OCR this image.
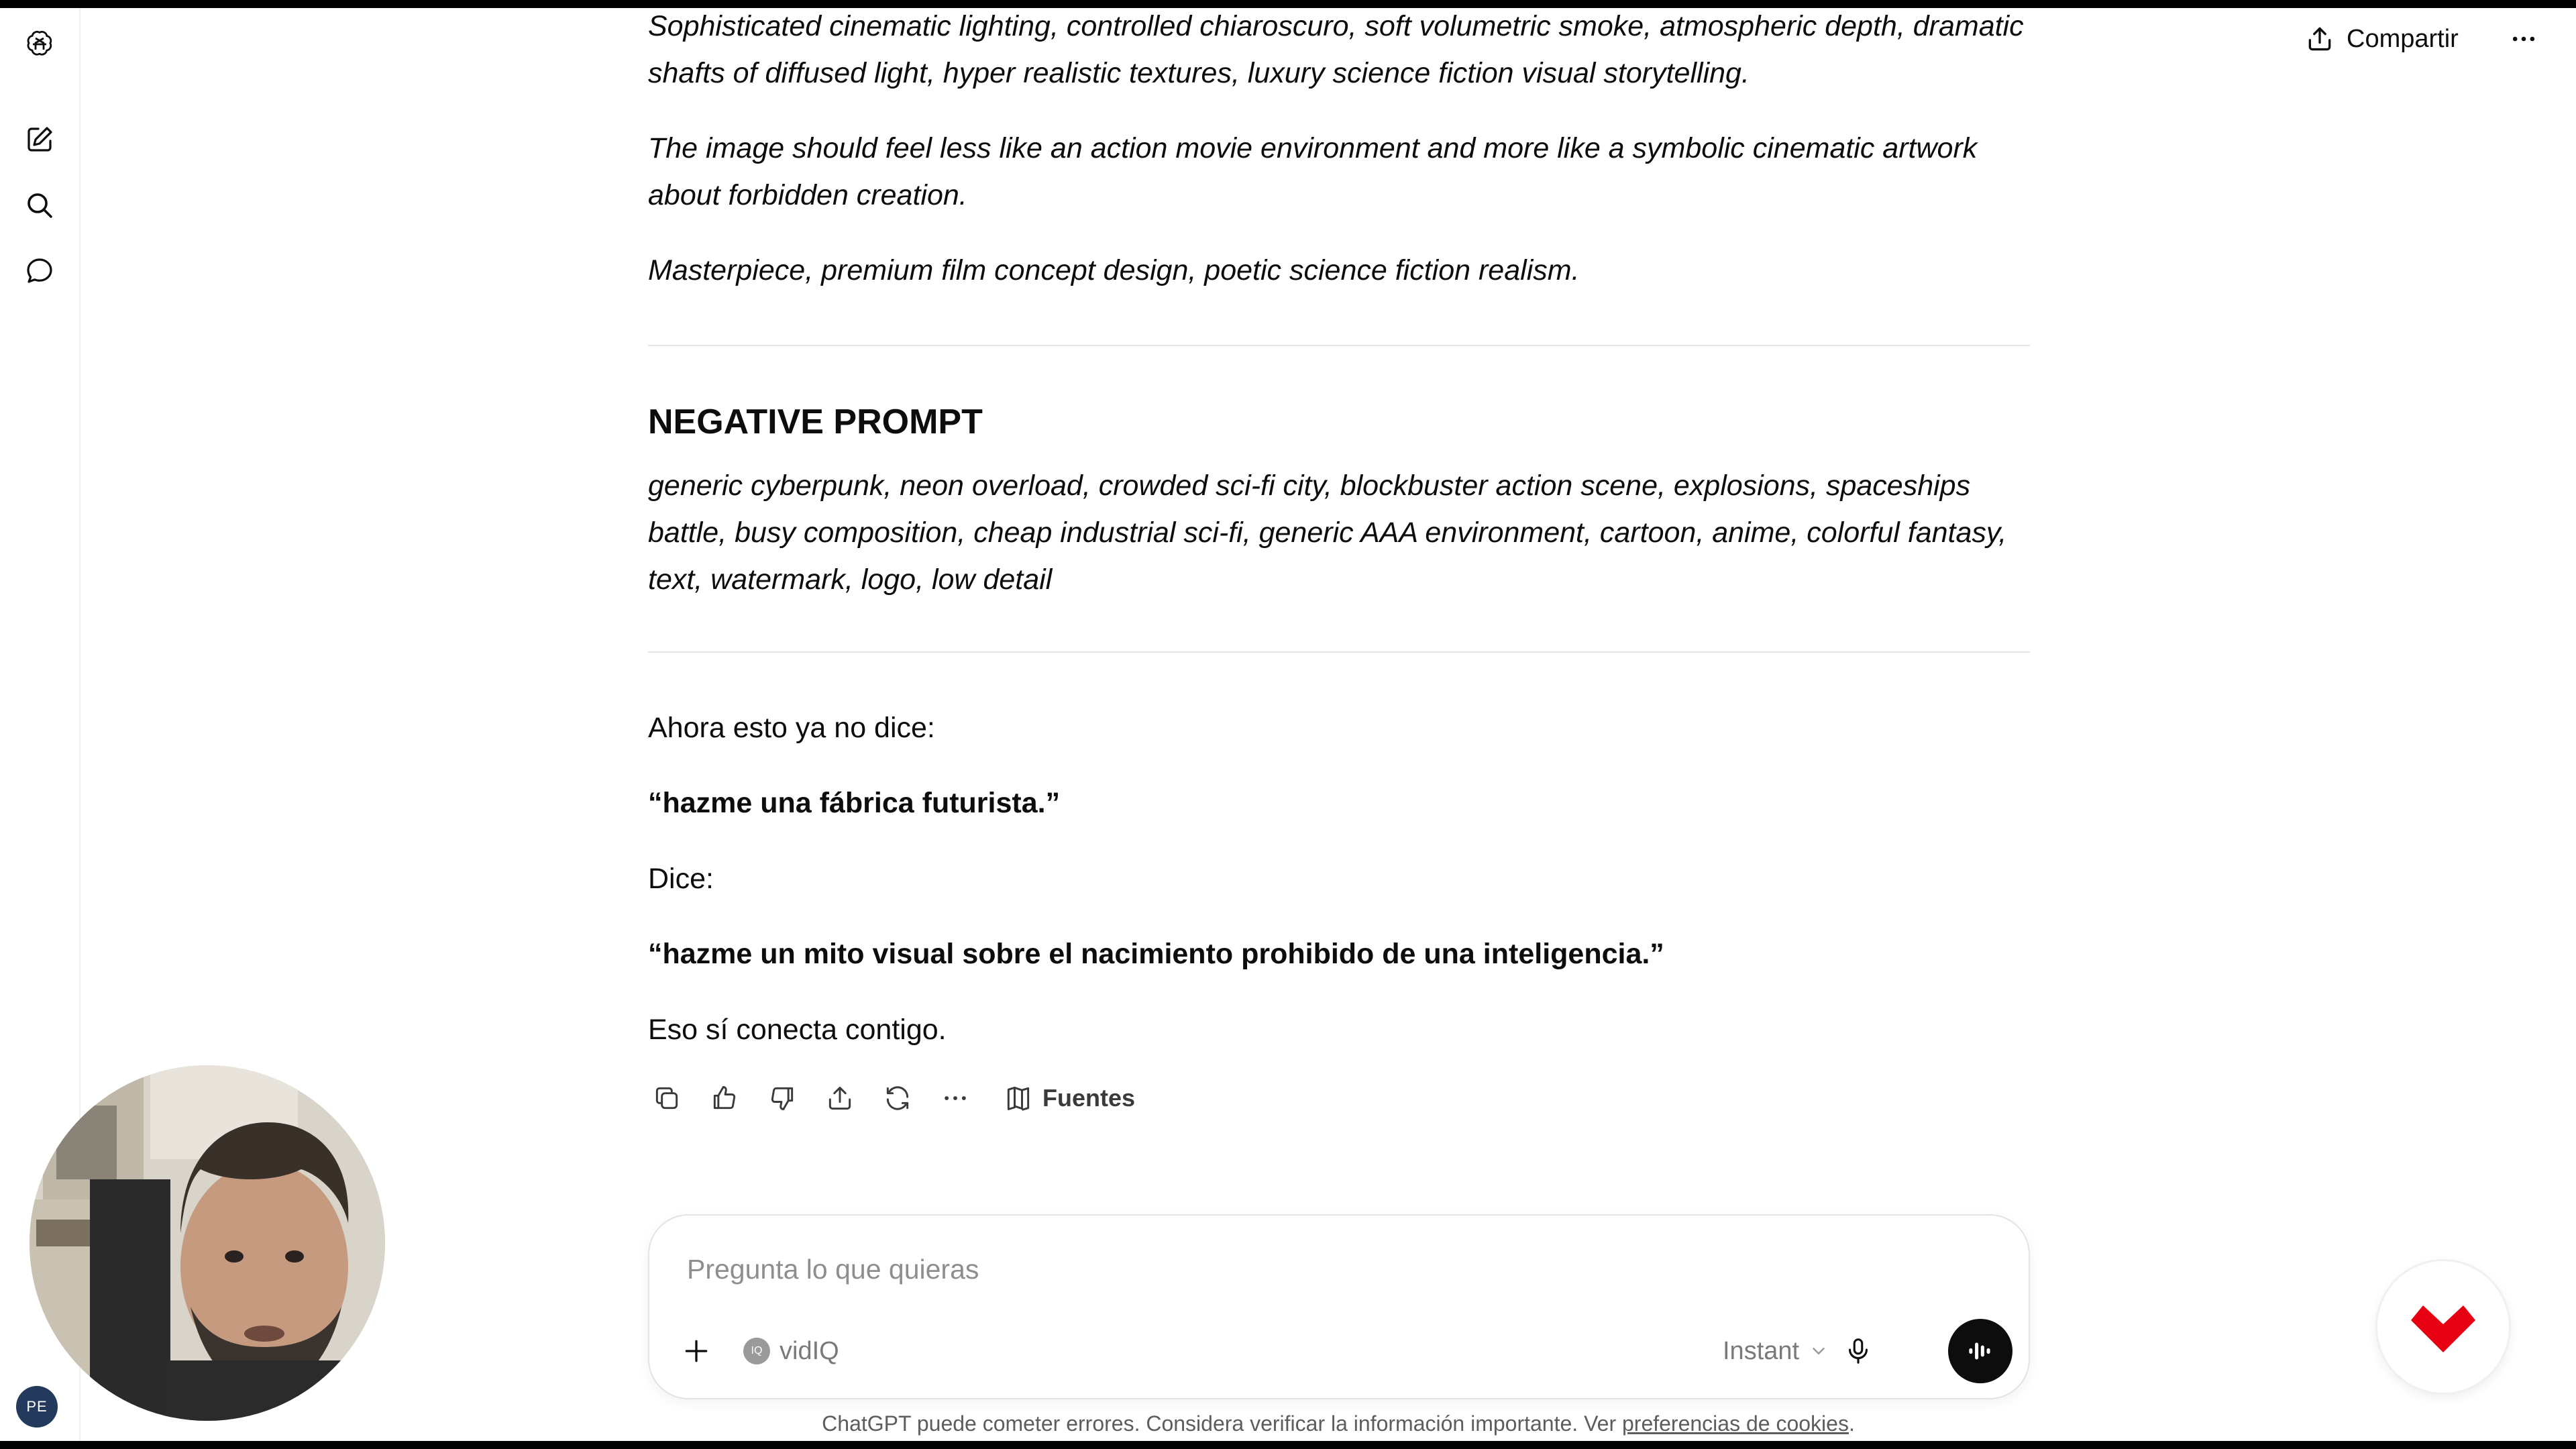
PE
Compartir

Sophisticated cinematic lighting, controlled chiaroscuro, soft volumetric smoke, atmospheric depth, dramatic shafts of diffused light, hyper realistic textures, luxury science fiction visual storytelling.

The image should feel less like an action movie environment and more like a symbolic cinematic artwork about forbidden creation.

Masterpiece, premium film concept design, poetic science fiction realism.

NEGATIVE PROMPT

generic cyberpunk, neon overload, crowded sci-fi city, blockbuster action scene, explosions, spaceships battle, busy composition, cheap industrial sci-fi, generic AAA environment, cartoon, anime, colorful fantasy, text, watermark, logo, low detail

Ahora esto ya no dice:

“hazme una fábrica futurista.”

Dice:

“hazme un mito visual sobre el nacimiento prohibido de una inteligencia.”

Eso sí conecta contigo.

Fuentes
Pregunta lo que quieras
IQ vidIQ	Instant
ChatGPT puede cometer errores. Considera verificar la información importante. Ver preferencias de cookies.
